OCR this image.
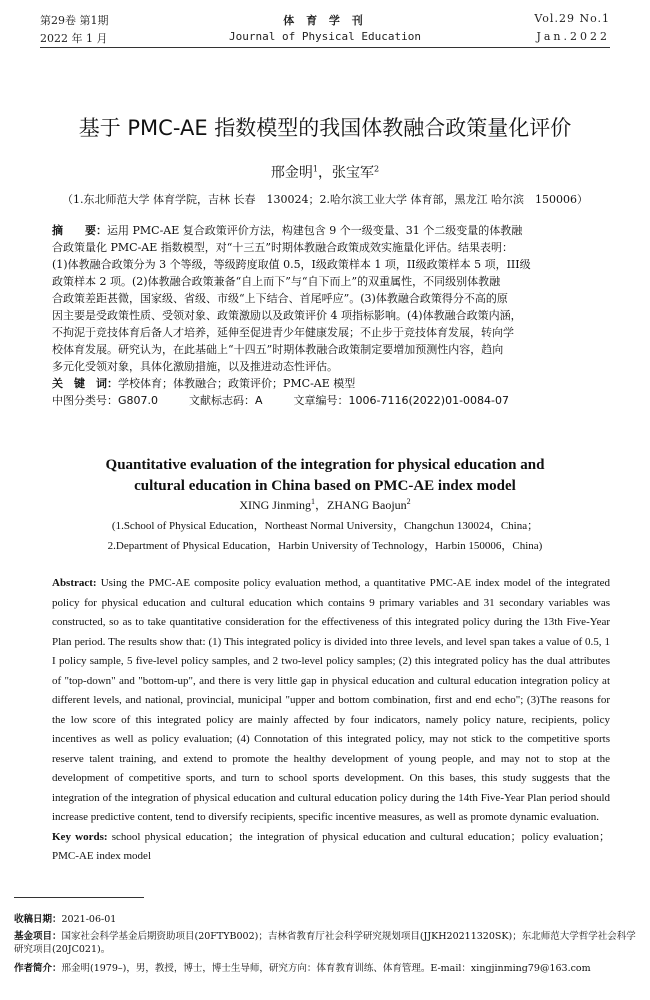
第29卷 第1期	体 育 学 刊	Vol.29 No.1
2022 年 1 月	Journal of Physical Education	Jan.2022
基于 PMC-AE 指数模型的我国体教融合政策量化评价
邢金明$^1$，张宝军$^2$
（1.东北师范大学 体育学院，吉林 长春　130024；2.哈尔滨工业大学 体育部，黑龙江 哈尔滨　150006）

摘　　要：运用 PMC-AE 复合政策评价方法，构建包含 9 个一级变量、31 个二级变量的体教融

合政策量化 PMC-AE 指数模型，对“十三五”时期体教融合政策成效实施量化评估。结果表明：

(1)体教融合政策分为 3 个等级，等级跨度取值 0.5，I级政策样本 1 项，II级政策样本 5 项，III级

政策样本 2 项。(2)体教融合政策兼备“自上而下”与“自下而上”的双重属性，不同级别体教融

合政策差距甚微，国家级、省级、市级“上下结合、首尾呼应”。(3)体教融合政策得分不高的原

因主要是受政策性质、受领对象、政策激励以及政策评价 4 项指标影响。(4)体教融合政策内涵，

不拘泥于竞技体育后备人才培养，延伸至促进青少年健康发展；不止步于竞技体育发展，转向学

校体育发展。研究认为，在此基础上“十四五”时期体教融合政策制定要增加预测性内容，趋向

多元化受领对象，具体化激励措施，以及推进动态性评估。

关　键　词：学校体育；体教融合；政策评价；PMC-AE 模型

中图分类号：G807.0	文献标志码：A	文章编号：1006-7116(2022)01-0084-07

Quantitative evaluation of the integration for physical education and
cultural education in China based on PMC-AE index model
XING Jinming$^1$，ZHANG Baojun$^2$
(1.School of Physical Education，Northeast Normal University，Changchun 130024，China；
2.Department of Physical Education，Harbin University of Technology，Harbin 150006，China)

Abstract: Using the PMC-AE composite policy evaluation method, a quantitative PMC-AE index model of the integrated policy for physical education and cultural education which contains 9 primary variables and 31 secondary variables was constructed, so as to take quantitative consideration for the effectiveness of this integrated policy during the 13th Five-Year Plan period. The results show that: (1) This integrated policy is divided into three levels, and level span takes a value of 0.5, 1 I policy sample, 5 five-level policy samples, and 2 two-level policy samples; (2) this integrated policy has the dual attributes of "top-down" and "bottom-up", and there is very little gap in physical education and cultural education integration policy at different levels, and national, provincial, municipal "upper and bottom combination, first and end echo"; (3)The reasons for the low score of this integrated policy are mainly affected by four indicators, namely policy nature, recipients, policy incentives as well as policy evaluation; (4) Connotation of this integrated policy, may not stick to the competitive sports reserve talent training, and extend to promote the healthy development of young people, and may not to stop at the development of competitive sports, and turn to school sports development. On this bases, this study suggests that the integration of the integration of physical education and cultural education policy during the 14th Five-Year Plan period should increase predictive content, tend to diversify recipients, specific incentive measures, as well as promote dynamic evaluation.

Key words: school physical education；the integration of physical education and cultural education；policy evaluation；PMC-AE index model

收稿日期：2021-06-01
基金项目：国家社会科学基金后期资助项目(20FTYB002)；吉林省教育厅社会科学研究规划项目(JJKH20211320SK)；东北师范大学哲学社会科学研究项目(20JC021)。
作者简介：邢金明(1979–)，男，教授，博士，博士生导师，研究方向：体育教育训练、体育管理。E-mail：xingjinming79@163.com
